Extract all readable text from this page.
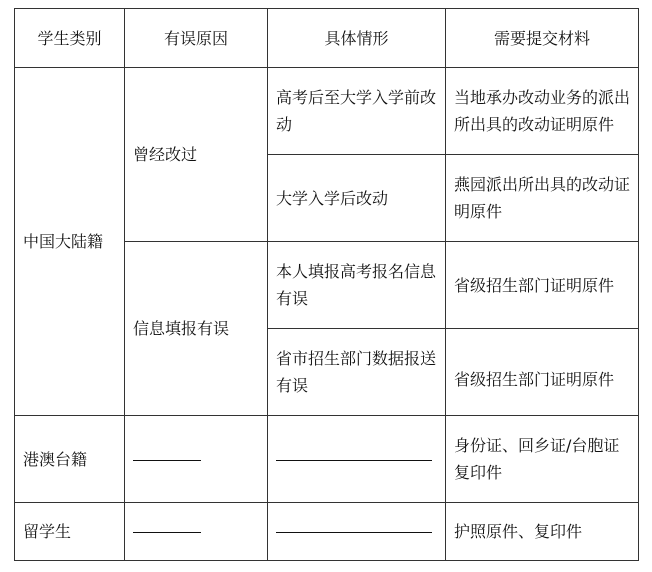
学生类别	有误原因	具体情形	需要提交材料
中国大陆籍	曾经改过	高考后至大学入学前改动	当地承办改动业务的派出所出具的改动证明原件
		大学入学后改动	燕园派出所出具的改动证明原件
	信息填报有误	本人填报高考报名信息有误	省级招生部门证明原件
		省市招生部门数据报送有误	省级招生部门证明原件
港澳台籍			身份证、回乡证/台胞证复印件
留学生			护照原件、复印件
